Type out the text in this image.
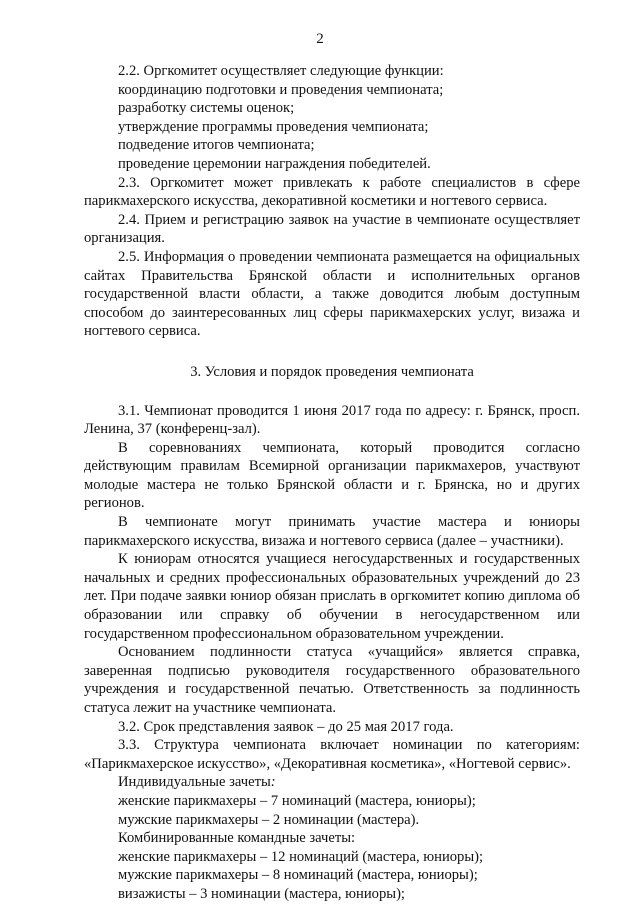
2

2.2. Оргкомитет осуществляет следующие функции:

координацию подготовки и проведения чемпионата;

разработку системы оценок;

утверждение программы проведения чемпионата;

подведение итогов чемпионата;

проведение церемонии награждения победителей.

2.3. Оргкомитет может привлекать к работе специалистов в сфере парикмахерского искусства, декоративной косметики и ногтевого сервиса.

2.4. Прием и регистрацию заявок на участие в чемпионате осуществляет организация.

2.5. Информация о проведении чемпионата размещается на официальных сайтах Правительства Брянской области и исполнительных органов государственной власти области, а также доводится любым доступным способом до заинтересованных лиц сферы парикмахерских услуг, визажа и ногтевого сервиса.

3. Условия и порядок проведения чемпионата

3.1. Чемпионат проводится 1 июня 2017 года по адресу: г. Брянск, просп. Ленина, 37 (конференц-зал).

В соревнованиях чемпионата, который проводится согласно действующим правилам Всемирной организации парикмахеров, участвуют молодые мастера не только Брянской области и г. Брянска, но и других регионов.

В чемпионате могут принимать участие мастера и юниоры парикмахерского искусства, визажа и ногтевого сервиса (далее – участники).

К юниорам относятся учащиеся негосударственных и государственных начальных и средних профессиональных образовательных учреждений до 23 лет. При подаче заявки юниор обязан прислать в оргкомитет копию диплома об образовании или справку об обучении в негосударственном или государственном профессиональном образовательном учреждении.

Основанием подлинности статуса «учащийся» является справка, заверенная подписью руководителя государственного образовательного учреждения и государственной печатью. Ответственность за подлинность статуса лежит на участнике чемпионата.

3.2. Срок представления заявок – до 25 мая 2017 года.

3.3. Структура чемпионата включает номинации по категориям: «Парикмахерское искусство», «Декоративная косметика», «Ногтевой сервис».

Индивидуальные зачеты:

женские парикмахеры – 7 номинаций (мастера, юниоры);

мужские парикмахеры – 2 номинации (мастера).

Комбинированные командные зачеты:

женские парикмахеры – 12 номинаций (мастера, юниоры);

мужские парикмахеры – 8 номинаций (мастера, юниоры);

визажисты – 3 номинации (мастера, юниоры);
